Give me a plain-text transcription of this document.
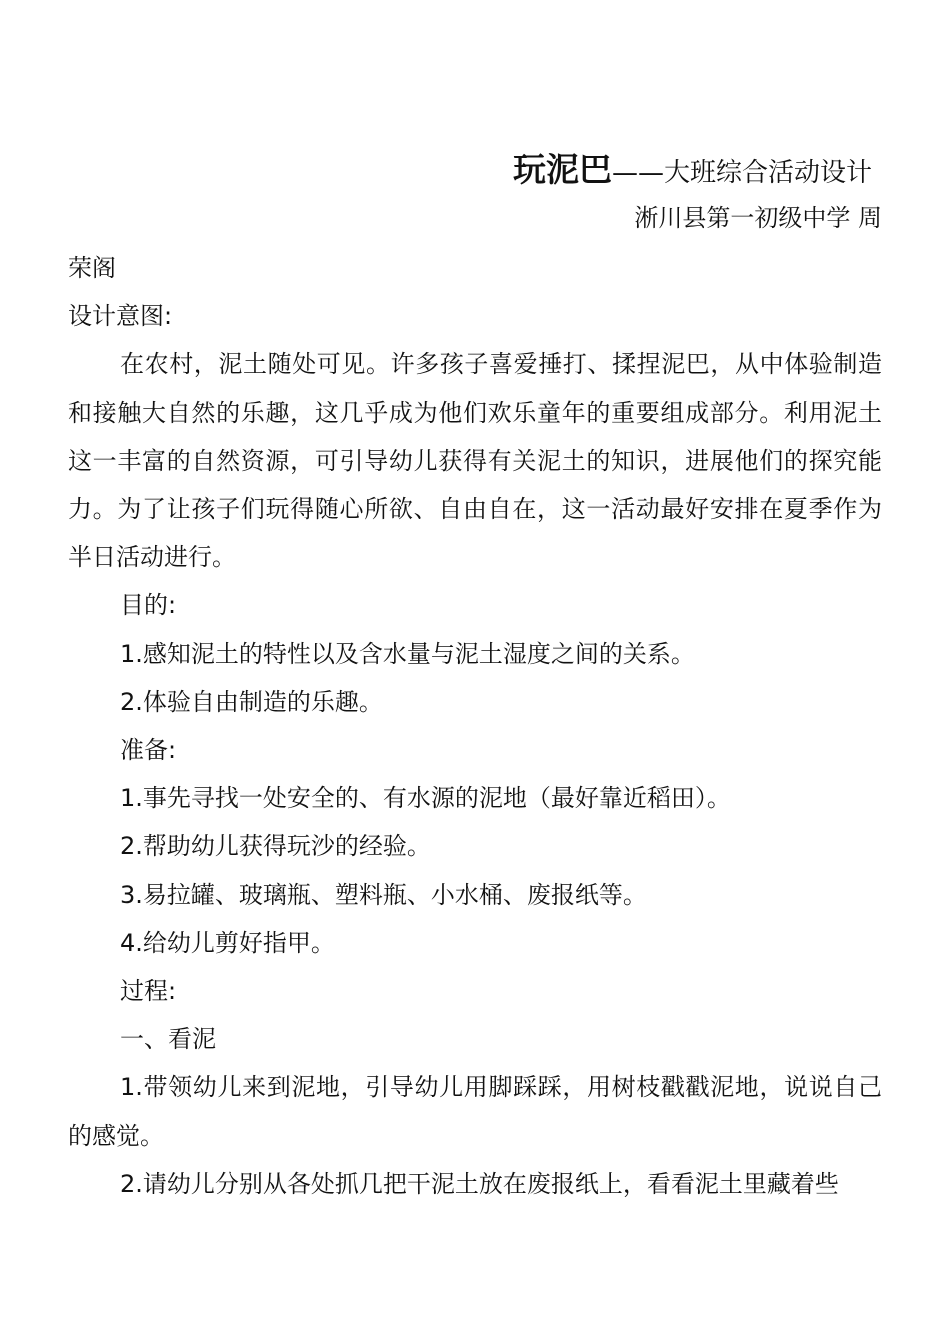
玩泥巴——大班综合活动设计
淅川县第一初级中学 周

荣阁

设计意图:

在农村，泥土随处可见。许多孩子喜爱捶打、揉捏泥巴，从中体验制造和接触大自然的乐趣，这几乎成为他们欢乐童年的重要组成部分。利用泥土这一丰富的自然资源，可引导幼儿获得有关泥土的知识，进展他们的探究能力。为了让孩子们玩得随心所欲、自由自在，这一活动最好安排在夏季作为半日活动进行。

目的:

1.感知泥土的特性以及含水量与泥土湿度之间的关系。

2.体验自由制造的乐趣。

准备:

1.事先寻找一处安全的、有水源的泥地（最好靠近稻田）。

2.帮助幼儿获得玩沙的经验。

3.易拉罐、玻璃瓶、塑料瓶、小水桶、废报纸等。

4.给幼儿剪好指甲。

过程:

一、看泥

1.带领幼儿来到泥地，引导幼儿用脚踩踩，用树枝戳戳泥地，说说自己的感觉。

2.请幼儿分别从各处抓几把干泥土放在废报纸上，看看泥土里藏着些
